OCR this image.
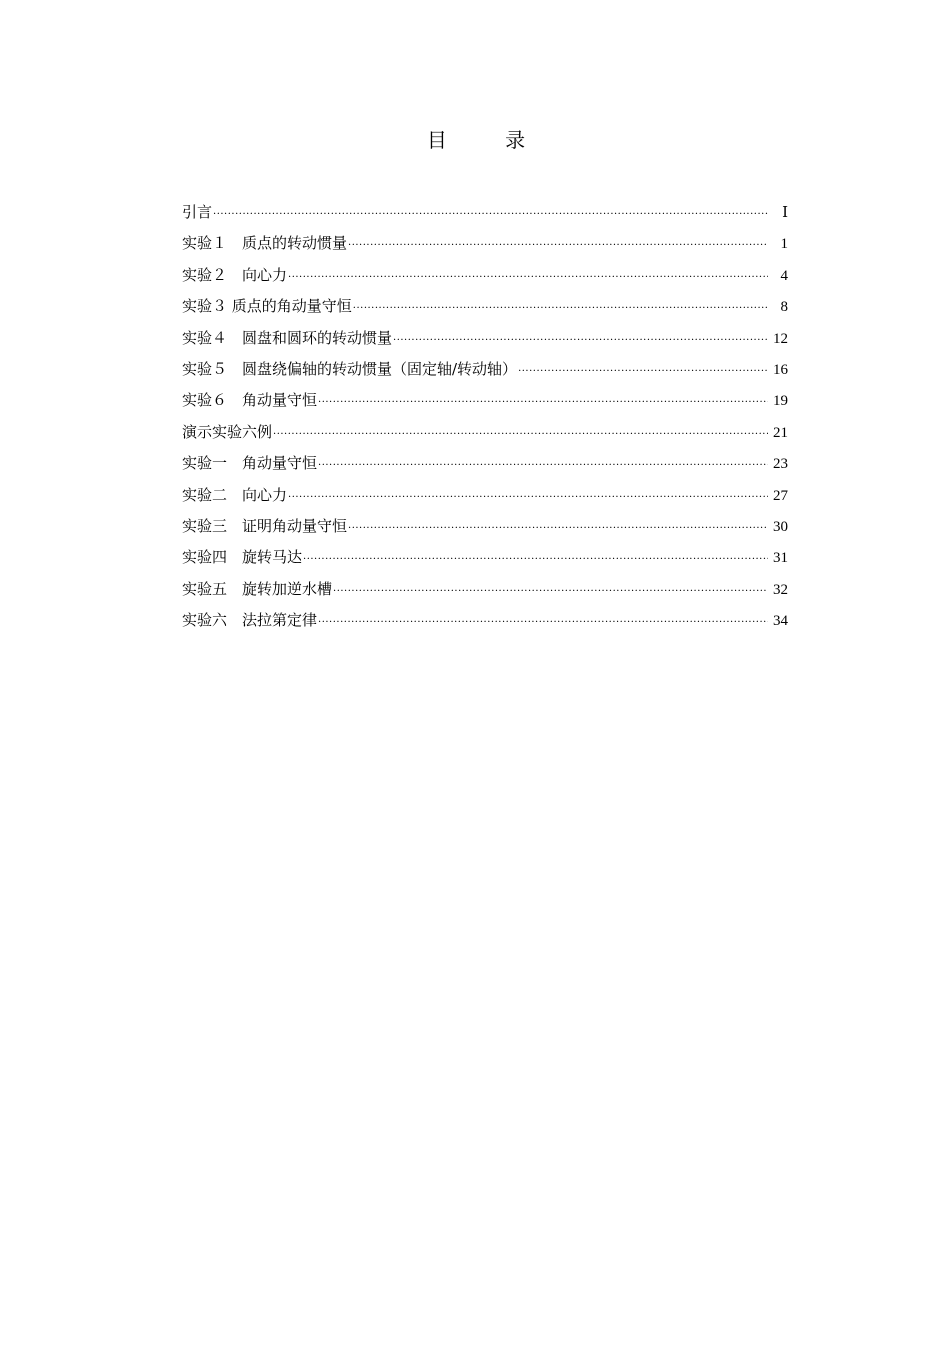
目 录
引言 ·····	Ⅰ
实验１　质点的转动惯量 ·····	1
实验２　向心力 ·····	4
实验３ 质点的角动量守恒 ·····	8
实验４　圆盘和圆环的转动惯量 ·····	12
实验５　圆盘绕偏轴的转动惯量（固定轴/转动轴） ·····	16
实验６　角动量守恒 ·····	19
演示实验六例 ·····	21
实验一　角动量守恒 ·····	23
实验二　向心力 ·····	27
实验三　证明角动量守恒 ·····	30
实验四　旋转马达 ·····	31
实验五　旋转加逆水槽 ·····	32
实验六　法拉第定律 ·····	34
